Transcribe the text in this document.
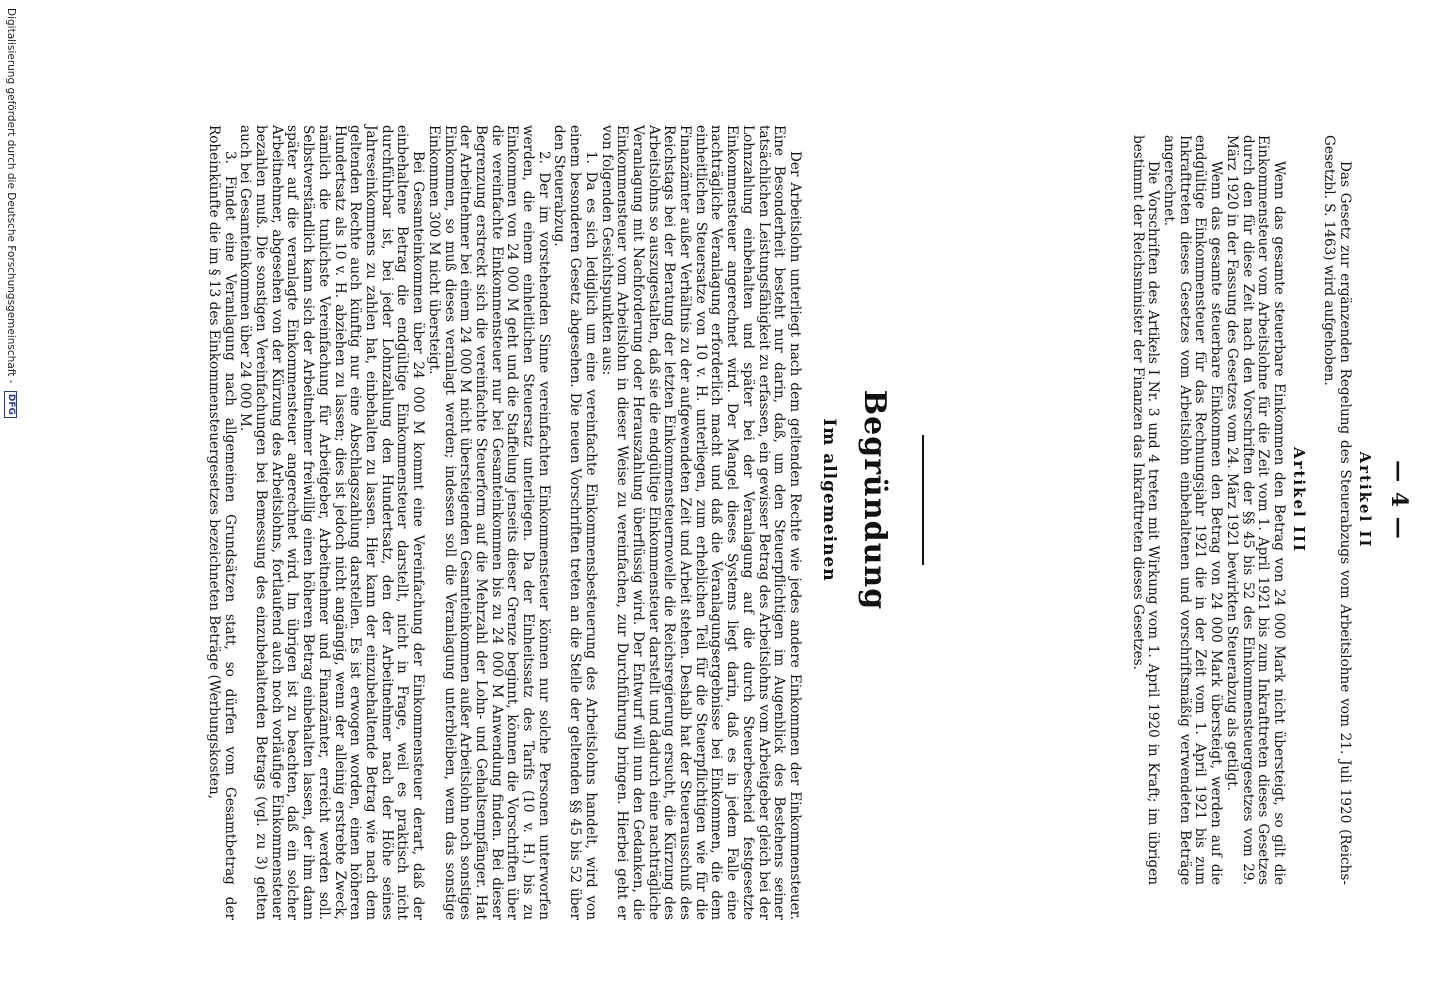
— 4 —
Artikel II

Das Gesetz zur ergänzenden Regelung des Steuerabzugs vom Arbeitslohne vom 21. Juli 1920 (Reichs-Gesetzbl. S. 1463) wird aufgehoben.

Artikel III

Wenn das gesamte steuerbare Einkommen den Betrag von 24 000 Mark nicht übersteigt, so gilt die Einkommensteuer vom Arbeitslohne für die Zeit vom 1. April 1921 bis zum Inkrafttreten dieses Gesetzes durch den für diese Zeit nach den Vorschriften der §§ 45 bis 52 des Einkommensteuergesetzes vom 29. März 1920 in der Fassung des Gesetzes vom 24. März 1921 bewirkten Steuerabzug als getilgt.

Wenn das gesamte steuerbare Einkommen den Betrag von 24 000 Mark übersteigt, werden auf die endgültige Einkommensteuer für das Rechnungsjahr 1921 die in der Zeit vom 1. April 1921 bis zum Inkrafttreten dieses Gesetzes vom Arbeitslohn einbehaltenen und vorschriftsmäßig verwendeten Beträge angerechnet.

Die Vorschriften des Artikels I Nr. 3 und 4 treten mit Wirkung vom 1. April 1920 in Kraft; im übrigen bestimmt der Reichsminister der Finanzen das Inkrafttreten dieses Gesetzes.

Begründung
Im allgemeinen

Der Arbeitslohn unterliegt nach dem geltenden Rechte wie jedes andere Einkommen der Einkommensteuer. Eine Besonderheit besteht nur darin, daß, um den Steuerpflichtigen im Augenblick des Bestehens seiner tatsächlichen Leistungsfähigkeit zu erfassen, ein gewisser Betrag des Arbeitslohns vom Arbeitgeber gleich bei der Lohnzahlung einbehalten und später bei der Veranlagung auf die durch Steuerbescheid festgesetzte Einkommensteuer angerechnet wird. Der Mangel dieses Systems liegt darin, daß es in jedem Falle eine nachträgliche Veranlagung erforderlich macht und daß die Veranlagungsergebnisse bei Einkommen, die dem einheitlichen Steuersatze von 10 v. H. unterliegen, zum erheblichen Teil für die Steuerpflichtigen wie für die Finanzämter außer Verhältnis zu der aufgewendeten Zeit und Arbeit stehen. Deshalb hat der Steuerausschuß des Reichstags bei der Beratung der letzten Einkommensteuernovelle die Reichsregierung ersucht, die Kürzung des Arbeitslohns so auszugestalten, daß sie die endgültige Einkommensteuer darstellt und dadurch eine nachträgliche Veranlagung mit Nachforderung oder Herauszahlung überflüssig wird. Der Entwurf will nun den Gedanken, die Einkommensteuer vom Arbeitslohn in dieser Weise zu vereinfachen, zur Durchführung bringen. Hierbei geht er von folgenden Gesichtspunkten aus:

1. Da es sich lediglich um eine vereinfachte Einkommensbesteuerung des Arbeitslohns handelt, wird von einem besonderen Gesetz abgesehen. Die neuen Vorschriften treten an die Stelle der geltenden §§ 45 bis 52 über den Steuerabzug.

2. Der im vorstehenden Sinne vereinfachten Einkommensteuer können nur solche Personen unterworfen werden, die einem einheitlichen Steuersatz unterliegen. Da der Einheitssatz des Tarifs (10 v. H.) bis zu Einkommen von 24 000 M geht und die Staffelung jenseits dieser Grenze beginnt, können die Vorschriften über die vereinfachte Einkommensteuer nur bei Gesamteinkommen bis zu 24 000 M Anwendung finden. Bei dieser Begrenzung erstreckt sich die vereinfachte Steuerform auf die Mehrzahl der Lohn- und Gehaltsempfänger. Hat der Arbeitnehmer bei einem 24 000 M nicht übersteigenden Gesamteinkommen außer Arbeitslohn noch sonstiges Einkommen, so muß dieses veranlagt werden; indessen soll die Veranlagung unterbleiben, wenn das sonstige Einkommen 300 M nicht übersteigt.

Bei Gesamteinkommen über 24 000 M kommt eine Vereinfachung der Einkommensteuer derart, daß der einbehaltene Betrag die endgültige Einkommensteuer darstellt, nicht in Frage, weil es praktisch nicht durchführbar ist, bei jeder Lohnzahlung den Hundertsatz, den der Arbeitnehmer nach der Höhe seines Jahreseinkommens zu zahlen hat, einbehalten zu lassen. Hier kann der einzubehaltende Betrag wie nach dem geltenden Rechte auch künftig nur eine Abschlagszahlung darstellen. Es ist erwogen worden, einen höheren Hundertsatz als 10 v. H. abziehen zu lassen; dies ist jedoch nicht angängig, wenn der alleinig erstrebte Zweck, nämlich die tunlichste Vereinfachung für Arbeitgeber, Arbeitnehmer und Finanzämter, erreicht werden soll. Selbstverständlich kann sich der Arbeitnehmer freiwillig einen höheren Betrag einbehalten lassen, der ihm dann später auf die veranlagte Einkommensteuer angerechnet wird. Im übrigen ist zu beachten, daß ein solcher Arbeitnehmer, abgesehen von der Kürzung des Arbeitslohns, fortlaufend auch noch vorläufige Einkommensteuer bezahlen muß. Die sonstigen Vereinfachungen bei Bemessung des einzubehaltenden Betrags (vgl. zu 3) gelten auch bei Gesamteinkommen über 24 000 M.

3. Findet eine Veranlagung nach allgemeinen Grundsätzen statt, so dürfen vom Gesamtbetrag der Roheinkünfte die im § 13 des Einkommensteuergesetzes bezeichneten Beträge (Werbungskosten,

Digitalisierung gefördert durch die Deutsche Forschungsgemeinschaft - DFG
